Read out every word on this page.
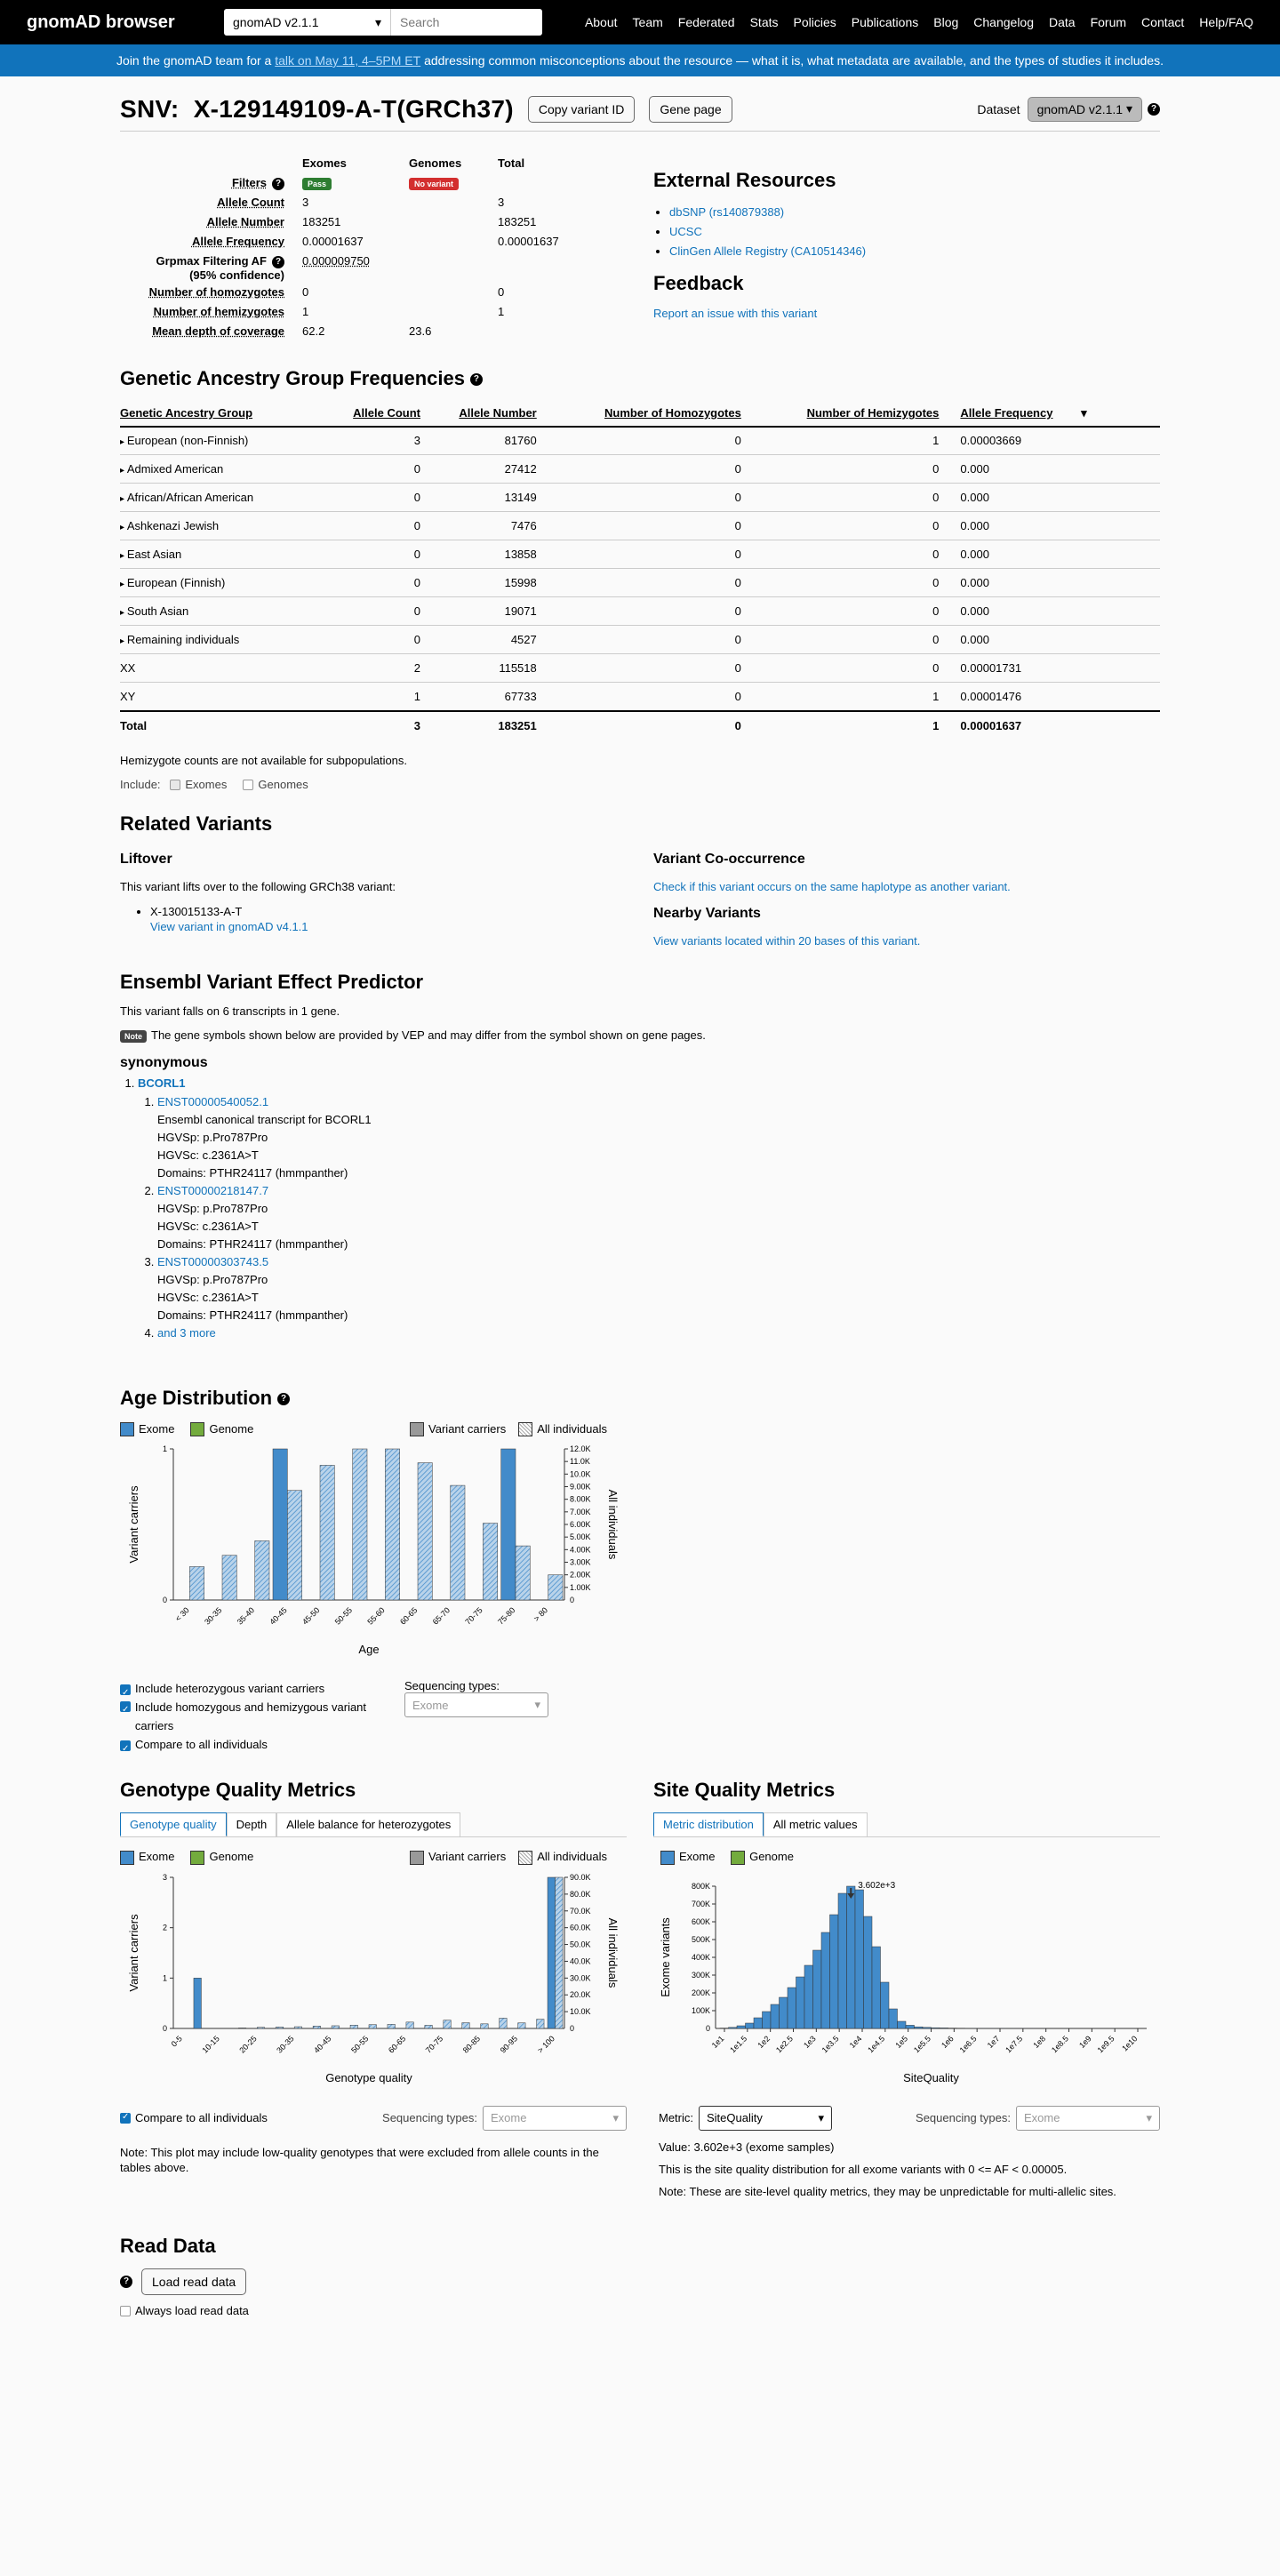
gnomAD browser	gnomAD v2.1.1	▾	Search	About Team Federated Stats Policies Publications Blog Changelog Data Forum Contact Help/FAQ
Join the gnomAD team for a
talk on May 11, 4–5PM ET
addressing common misconceptions about the resource — what it is, what metadata are available, and the types of studies it includes.
SNV:  X-129149109-A-T(GRCh37)	Copy variant ID	Gene page	Dataset gnomAD v2.1.1
▾	?
	Exomes	Genomes	Total
Filters ?	Pass	No variant	
Allele Count	3		3
Allele Number	183251		183251
Allele Frequency	0.00001637		0.00001637
Grpmax Filtering AF ?
(95% confidence)	0.000009750		
Number of homozygotes	0		0
Number of hemizygotes	1		1
Mean depth of coverage	62.2	23.6	
External Resources
• dbSNP (rs140879388)
• UCSC
• ClinGen Allele Registry (CA10514346)
Feedback
Report an issue with this variant
Genetic Ancestry Group Frequencies ?
Genetic Ancestry Group	Allele Count	Allele Number	Number of Homozygotes	Number of Hemizygotes	Allele Frequency ▾
▸ European (non-Finnish)	3	81760	0	1	0.00003669
▸ Admixed American	0	27412	0	0	0.000
▸ African/African American	0	13149	0	0	0.000
▸ Ashkenazi Jewish	0	7476	0	0	0.000
▸ East Asian	0	13858	0	0	0.000
▸ European (Finnish)	0	15998	0	0	0.000
▸ South Asian	0	19071	0	0	0.000
▸ Remaining individuals	0	4527	0	0	0.000
XX	2	115518	0	0	0.00001731
XY	1	67733	0	1	0.00001476
Total	3	183251	0	1	0.00001637
Hemizygote counts are not available for subpopulations.
Include: Exomes	Genomes
Related Variants
Liftover

This variant lifts over to the following GRCh38 variant:

• X-130015133-A-T
View variant in gnomAD v4.1.1
Variant Co-occurrence
Check if this variant occurs on the same haplotype as another variant.
Nearby Variants
View variants located within 20 bases of this variant.
Ensembl Variant Effect Predictor

This variant falls on 6 transcripts in 1 gene.

Note The gene symbols shown below are provided by VEP and may differ from the symbol shown on gene pages.

synonymous
1. BCORL1
1. ENST00000540052.1
Ensembl canonical transcript for BCORL1
HGVSp: p.Pro787Pro
HGVSc: c.2361A>T
Domains: PTHR24117 (hmmpanther)
2. ENST00000218147.7
HGVSp: p.Pro787Pro
HGVSc: c.2361A>T
Domains: PTHR24117 (hmmpanther)
3. ENST00000303743.5
HGVSp: p.Pro787Pro
HGVSc: c.2361A>T
Domains: PTHR24117 (hmmpanther)
4. and 3 more
Age Distribution ?
Exome	Genome	Variant carriers	All individuals
0
1
1.00K
2.00K
3.00K
4.00K
5.00K
6.00K
7.00K
8.00K
9.00K
10.0K
11.0K
12.0K
0
< 30 30-35 35-40 40-45 45-50 50-55 55-60 60-65 65-70 70-75 75-80 > 80
Age
Variant carriers	All individuals
✓Include heterozygous variant carriers
✓
Include homozygous and hemizygous variant carriers
✓Compare to all individuals
Sequencing types:
Exome	▾
Genotype Quality Metrics
Genotype quality	Depth	Allele balance for heterozygotes
Exome	Genome	Variant carriers	All individuals
0
1
2
3
10.0K
20.0K
30.0K
40.0K
50.0K
60.0K
70.0K
80.0K
90.0K
0
0-5 10-15 20-25 30-35 40-45 50-55 60-65 70-75 80-85 90-95 > 100
Genotype quality
Variant carriers	All individuals
✓
Compare to all individuals	Sequencing types: Exome	▾

Note: This plot may include low-quality genotypes that were excluded from allele counts in the tables above.

Site Quality Metrics
Metric distribution	All metric values
Exome	Genome
100K
200K
300K
400K
500K
600K
700K
800K
0
3.602e+3
1e1 1e1.5 1e2 1e2.5 1e3 1e3.5 1e4 1e4.5 1e5 1e5.5 1e6 1e6.5 1e7 1e7.5 1e8 1e8.5 1e9 1e9.5 1e10
SiteQuality
Exome variants
Metric: SiteQuality	▾	Sequencing types: Exome	▾

Value: 3.602e+3 (exome samples)

This is the site quality distribution for all exome variants with 0 <= AF < 0.00005.

Note: These are site-level quality metrics, they may be unpredictable for multi-allelic sites.

Read Data
?	Load read data
Always load read data
